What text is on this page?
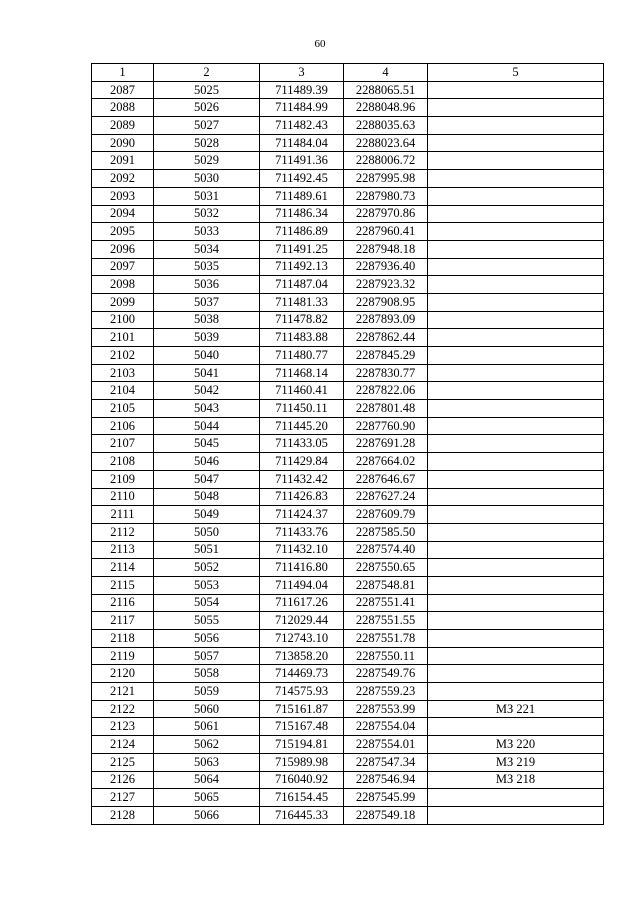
60
1	2	3	4	5
2087	5025	711489.39	2288065.51	
2088	5026	711484.99	2288048.96	
2089	5027	711482.43	2288035.63	
2090	5028	711484.04	2288023.64	
2091	5029	711491.36	2288006.72	
2092	5030	711492.45	2287995.98	
2093	5031	711489.61	2287980.73	
2094	5032	711486.34	2287970.86	
2095	5033	711486.89	2287960.41	
2096	5034	711491.25	2287948.18	
2097	5035	711492.13	2287936.40	
2098	5036	711487.04	2287923.32	
2099	5037	711481.33	2287908.95	
2100	5038	711478.82	2287893.09	
2101	5039	711483.88	2287862.44	
2102	5040	711480.77	2287845.29	
2103	5041	711468.14	2287830.77	
2104	5042	711460.41	2287822.06	
2105	5043	711450.11	2287801.48	
2106	5044	711445.20	2287760.90	
2107	5045	711433.05	2287691.28	
2108	5046	711429.84	2287664.02	
2109	5047	711432.42	2287646.67	
2110	5048	711426.83	2287627.24	
2111	5049	711424.37	2287609.79	
2112	5050	711433.76	2287585.50	
2113	5051	711432.10	2287574.40	
2114	5052	711416.80	2287550.65	
2115	5053	711494.04	2287548.81	
2116	5054	711617.26	2287551.41	
2117	5055	712029.44	2287551.55	
2118	5056	712743.10	2287551.78	
2119	5057	713858.20	2287550.11	
2120	5058	714469.73	2287549.76	
2121	5059	714575.93	2287559.23	
2122	5060	715161.87	2287553.99	МЗ 221
2123	5061	715167.48	2287554.04	
2124	5062	715194.81	2287554.01	МЗ 220
2125	5063	715989.98	2287547.34	МЗ 219
2126	5064	716040.92	2287546.94	МЗ 218
2127	5065	716154.45	2287545.99	
2128	5066	716445.33	2287549.18	
